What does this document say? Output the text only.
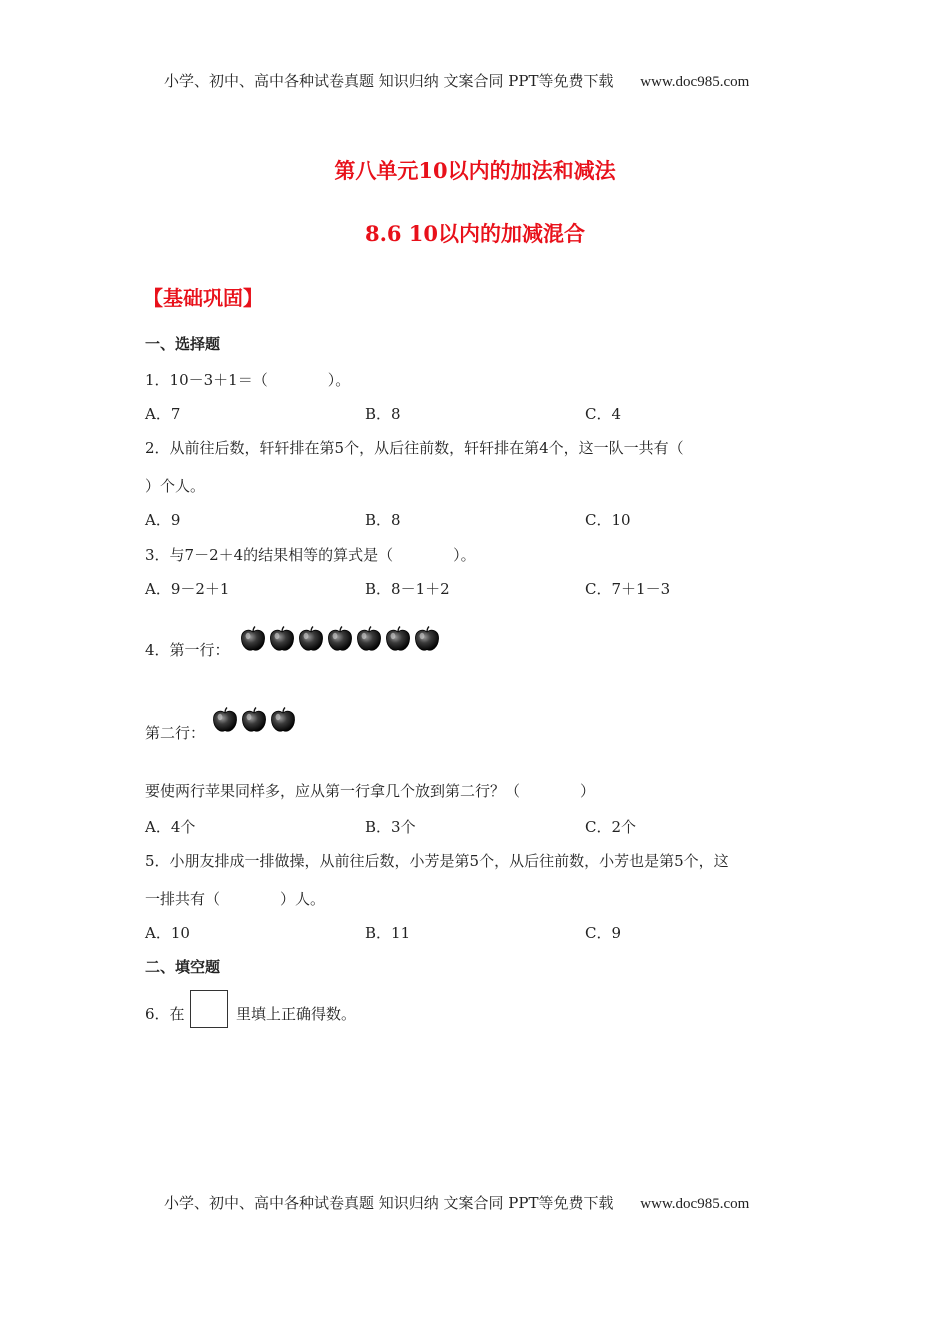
小学、初中、高中各种试卷真题 知识归纳 文案合同 PPT等免费下载 www.doc985.com
第八单元10以内的加法和减法
8.6 10以内的加减混合
【基础巩固】
一、选择题
1．10－3＋1＝（　　　　）。
A．7	B．8	C．4
2．从前往后数，轩轩排在第5个，从后往前数，轩轩排在第4个，这一队一共有（
）个人。
A．9	B．8	C．10
3．与7－2＋4的结果相等的算式是（　　　　）。
A．9－2＋1	B．8－1＋2	C．7＋1－3
4．第一行：
第二行：
要使两行苹果同样多，应从第一行拿几个放到第二行？（　　　　）
A．4个	B．3个	C．2个
5．小朋友排成一排做操，从前往后数，小芳是第5个，从后往前数，小芳也是第5个，这
一排共有（　　　　）人。
A．10	B．11	C．9
二、填空题
6．在	里填上正确得数。
小学、初中、高中各种试卷真题 知识归纳 文案合同 PPT等免费下载 www.doc985.com
